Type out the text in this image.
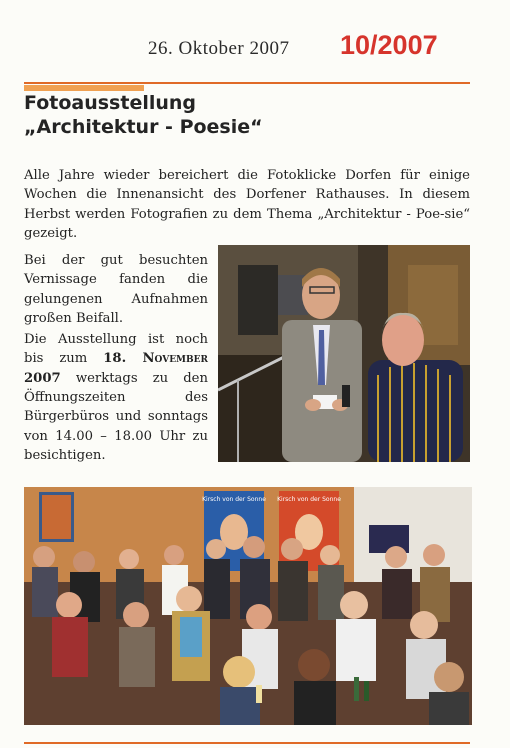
26. Oktober 2007 10/2007
Fotoausstellung
„Architektur - Poesie“

Alle Jahre wieder bereichert die Fotoklicke Dorfen für einige Wochen die Innenansicht des Dorfener Rathauses. In diesem Herbst werden Fotografien zu dem Thema „Architektur - Poe-sie“ gezeigt.

Bei der gut besuchten Vernissage fanden die gelungenen Aufnahmen großen Beifall.

Die Ausstellung ist noch bis zum 18. November 2007 werktags zu den Öffnungszeiten des Bürgerbüros und sonntags von 14.00 – 18.00 Uhr zu besichtigen.

Kirsch von der Sonne Kirsch von der Sonne
